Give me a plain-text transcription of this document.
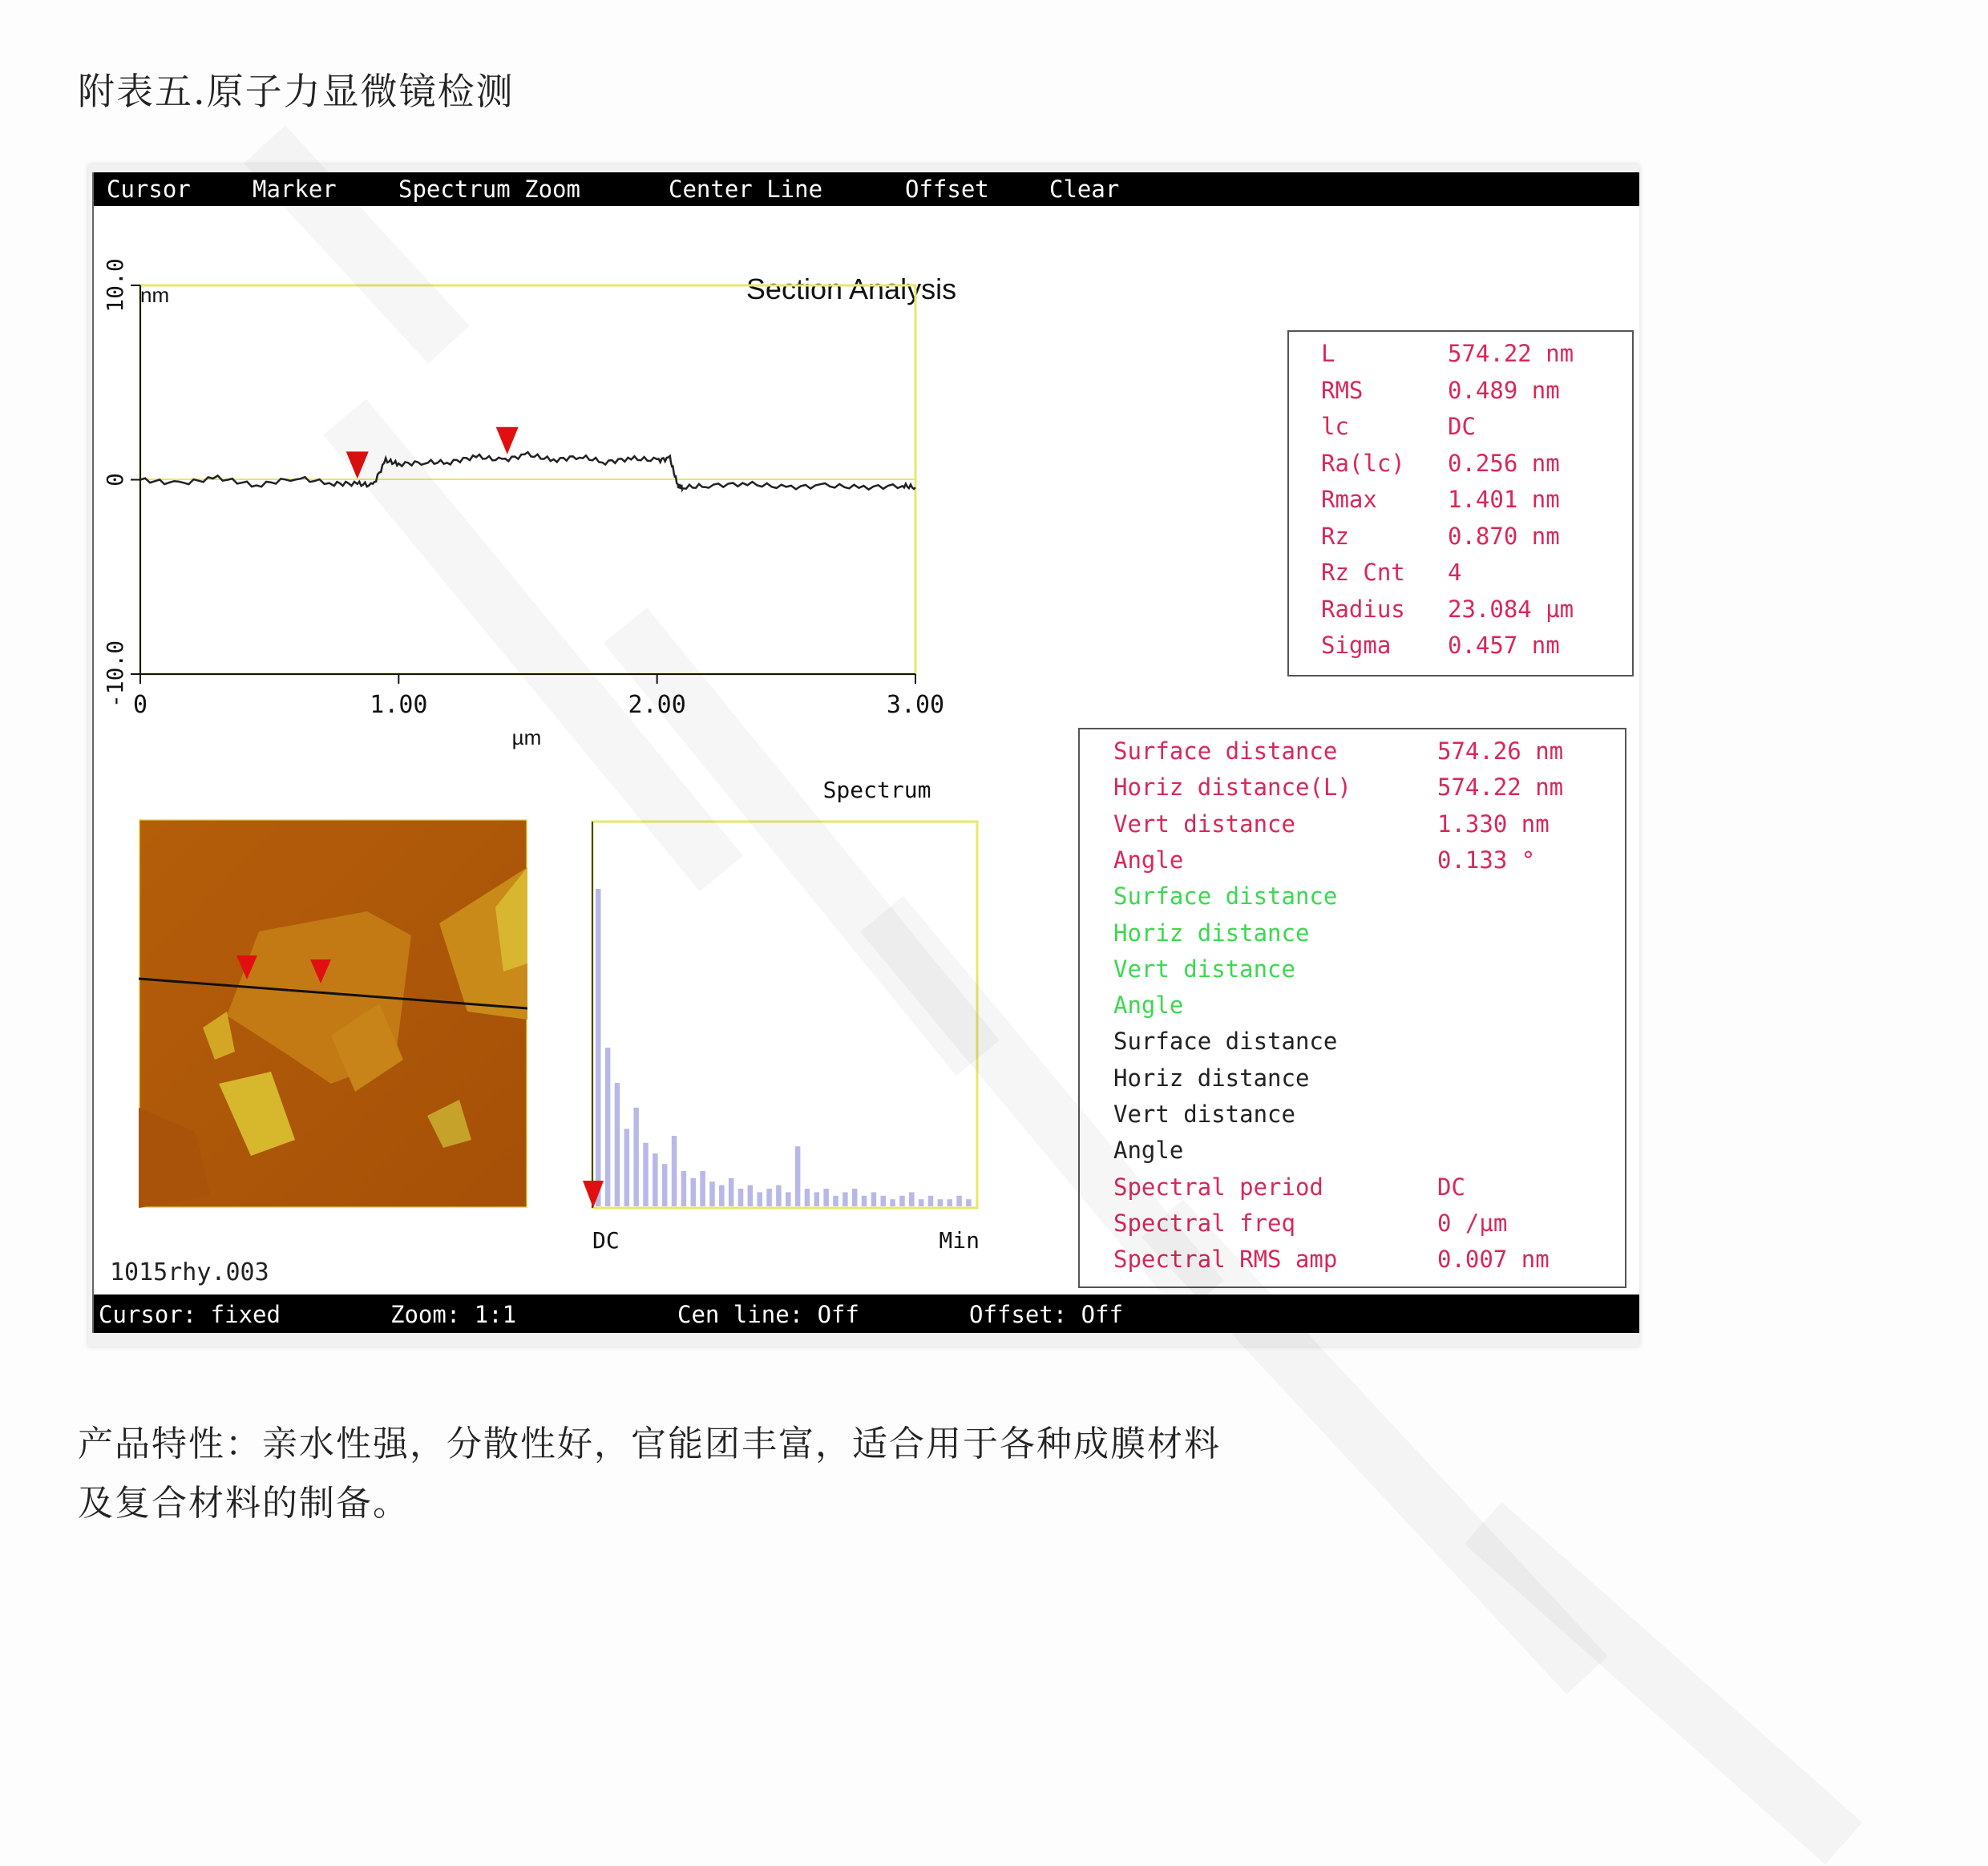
附表五.原子力显微镜检测
Cursor	Marker	Spectrum Zoom	Center Line	Offset	Clear
Section Analysis
nm
10.0
0
-10.0 0	1.00	2.00	3.00
µm
1015rhy.003
Spectrum
DC	Min
L	574.22 nm
RMS	0.489 nm
lc	DC
Ra(lc) 0.256 nm
Rmax	1.401 nm
Rz	0.870 nm
Rz Cnt 4
Radius 23.084 µm
Sigma 0.457 nm
Surface distance	574.26 nm
Horiz distance(L)	574.22 nm
Vert distance	1.330 nm
Angle	0.133 °
Surface distance
Horiz distance
Vert distance
Angle
Surface distance
Horiz distance
Vert distance
Angle
Spectral period	DC
Spectral freq	0 /µm
Spectral RMS amp	0.007 nm
Cursor: fixed	Zoom: 1:1	Cen line: Off	Offset: Off
产品特性：亲水性强，分散性好，官能团丰富，适合用于各种成膜材料
及复合材料的制备。
